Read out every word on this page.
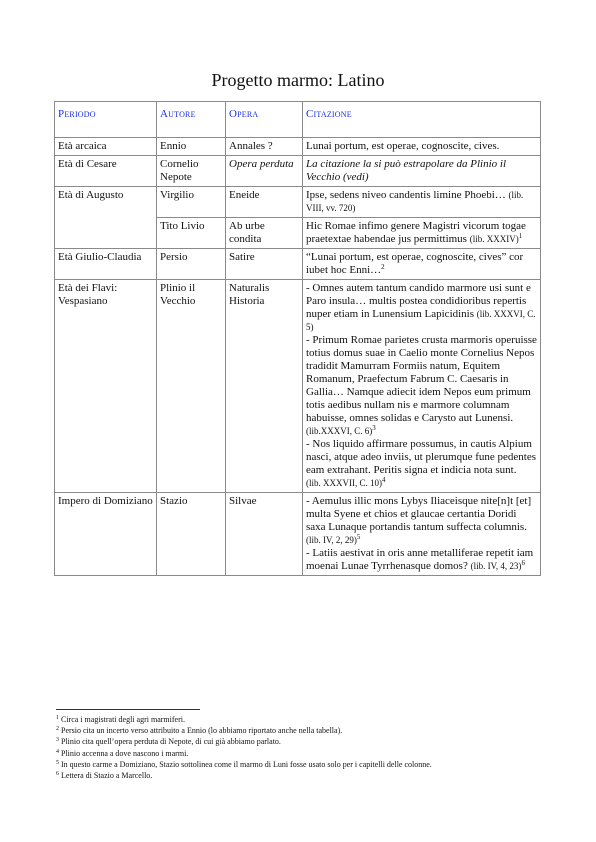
Progetto marmo: Latino
Periodo	Autore	Opera	Citazione
Età arcaica	Ennio	Annales ?	Lunai portum, est operae, cognoscite, cives.
Età di Cesare	Cornelio Nepote	Opera perduta	La citazione la si può estrapolare da Plinio il Vecchio (vedi)
Età di Augusto	Virgilio	Eneide	Ipse, sedens niveo candentis limine Phoebi… (lib. VIII, vv. 720)
	Tito Livio	Ab urbe condita	Hic Romae infimo genere Magistri vicorum togae praetextae habendae jus permittimus (lib. XXXIV)$^1$
Età Giulio-Claudia	Persio	Satire	“Lunai portum, est operae, cognoscite, cives” cor iubet hoc Enni…$^2$
Età dei Flavi: Vespasiano	Plinio il Vecchio	Naturalis Historia	- Omnes autem tantum candido marmore usi sunt e Paro insula… multis postea condidioribus repertis nuper etiam in Lunensium Lapicidinis (lib. XXXVI, C. 5)
- Primum Romae parietes crusta marmoris operuisse totius domus suae in Caelio monte Cornelius Nepos tradidit Mamurram Formiis natum, Equitem Romanum, Praefectum Fabrum C. Caesaris in Gallia… Namque adiecit idem Nepos eum primum totis aedibus nullam nis e marmore columnam habuisse, omnes solidas e Carysto aut Lunensi. (lib.XXXVI, C. 6)$^3$
- Nos liquido affirmare possumus, in cautis Alpium nasci, atque adeo inviis, ut plerumque fune pedentes eam extrahant. Peritis signa et indicia nota sunt.
(lib. XXXVII, C. 10)$^4$

Impero di Domiziano	Stazio	Silvae	- Aemulus illic mons Lybys Iliaceisque nite[n]t [et] multa Syene et chios et glaucae certantia Doridi saxa Lunaque portandis tantum suffecta columnis. (lib. IV, 2, 29)$^5$
- Latiis aestivat in oris anne metalliferae repetit iam moenai Lunae Tyrrhenasque domos? (lib. IV, 4, 23)$^6$
$^1$ Circa i magistrati degli agri marmiferi.
$^2$ Persio cita un incerto verso attribuito a Ennio (lo abbiamo riportato anche nella tabella).
$^3$ Plinio cita quell’opera perduta di Nepote, di cui già abbiamo parlato.
$^4$ Plinio accenna a dove nascono i marmi.
$^5$ In questo carme a Domiziano, Stazio sottolinea come il marmo di Luni fosse usato solo per i capitelli delle colonne.
$^6$ Lettera di Stazio a Marcello.
